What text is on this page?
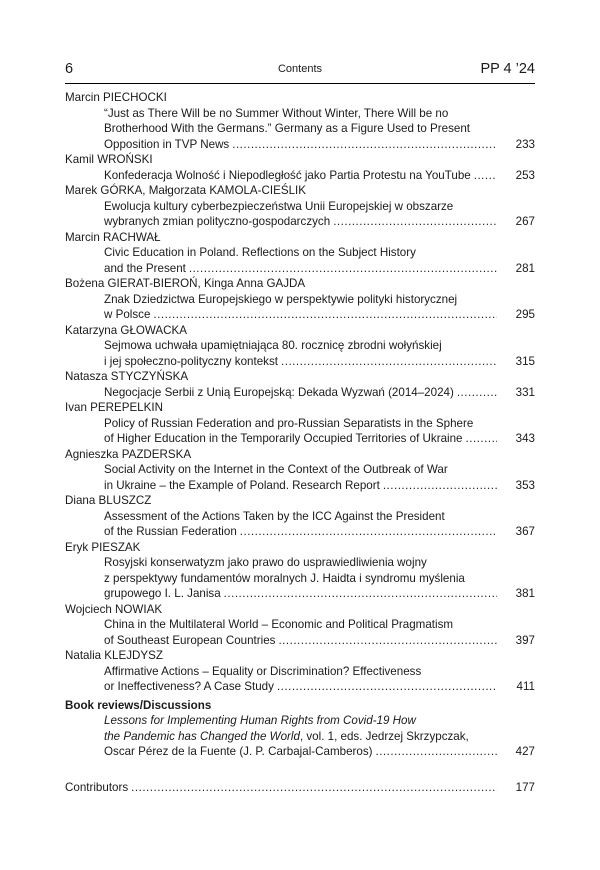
6	Contents	PP 4 ’24
Marcin PIECHOCKI
“Just as There Will be no Summer Without Winter, There Will be no
Brotherhood With the Germans.” Germany as a Figure Used to Present
Opposition in TVP News .....	233
Kamil WROŃSKI
Konfederacja Wolność i Niepodległość jako Partia Protestu na YouTube .....	253
Marek GÓRKA, Małgorzata KAMOLA-CIEŚLIK
Ewolucja kultury cyberbezpieczeństwa Unii Europejskiej w obszarze
wybranych zmian polityczno-gospodarczych .....	267
Marcin RACHWAŁ
Civic Education in Poland. Reflections on the Subject History
and the Present .....	281
Bożena GIERAT-BIEROŃ, Kinga Anna GAJDA
Znak Dziedzictwa Europejskiego w perspektywie polityki historycznej
w Polsce .....	295
Katarzyna GŁOWACKA
Sejmowa uchwała upamiętniająca 80. rocznicę zbrodni wołyńskiej
i jej społeczno-polityczny kontekst .....	315
Natasza STYCZYŃSKA
Negocjacje Serbii z Unią Europejską: Dekada Wyzwań (2014–2024) .....	331
Ivan PEREPELKIN
Policy of Russian Federation and pro-Russian Separatists in the Sphere
of Higher Education in the Temporarily Occupied Territories of Ukraine .....	343
Agnieszka PAZDERSKA
Social Activity on the Internet in the Context of the Outbreak of War
in Ukraine – the Example of Poland. Research Report .....	353
Diana BLUSZCZ
Assessment of the Actions Taken by the ICC Against the President
of the Russian Federation .....	367
Eryk PIESZAK
Rosyjski konserwatyzm jako prawo do usprawiedliwienia wojny
z perspektywy fundamentów moralnych J. Haidta i syndromu myślenia
grupowego I. L. Janisa .....	381
Wojciech NOWIAK
China in the Multilateral World – Economic and Political Pragmatism
of Southeast European Countries .....	397
Natalia KLEJDYSZ
Affirmative Actions – Equality or Discrimination? Effectiveness
or Ineffectiveness? A Case Study .....	411
Book reviews/Discussions
Lessons for Implementing Human Rights from Covid-19 How
the Pandemic has Changed the World, vol. 1, eds. Jedrzej Skrzypczak,
Oscar Pérez de la Fuente (J. P. Carbajal-Camberos) .....	427
Contributors .....	177
